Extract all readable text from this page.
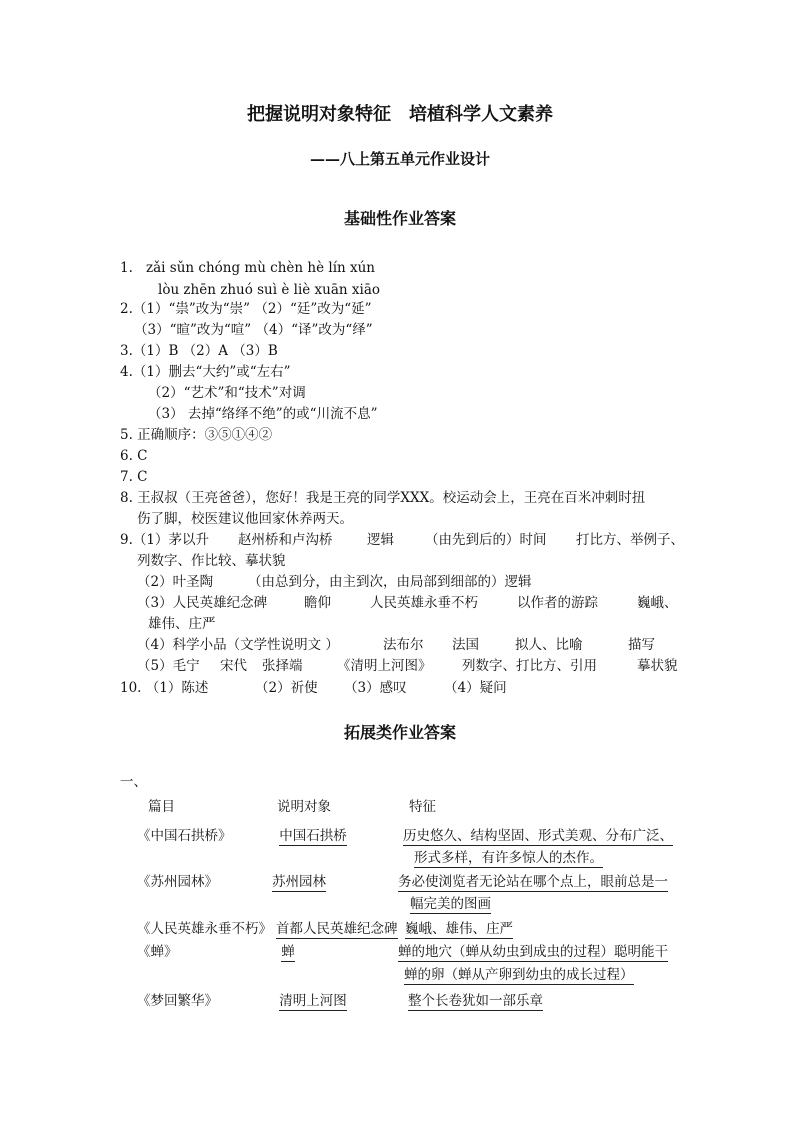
把握说明对象特征　培植科学人文素养
——八上第五单元作业设计
基础性作业答案
1. zǎi sǔn chóng mù chèn hè lín xún
lòu zhēn zhuó suì è liè xuān xiāo
2.（1）“祟”改为“崇” （2）“廷”改为“延”
（3）“暄”改为“喧” （4）“译”改为“绎”
3.（1）B （2）A （3）B
4.（1）删去“大约”或“左右”
（2）“艺术”和“技术”对调
（3） 去掉“络绎不绝”的或“川流不息”
5. 正确顺序：③⑤①④②
6. C
7. C
8. 王叔叔（王亮爸爸），您好！我是王亮的同学XXX。校运动会上，王亮在百米冲刺时扭
伤了脚，校医建议他回家休养两天。
9.（1）茅以升 赵州桥和卢沟桥	逻辑 （由先到后的）时间 打比方、举例子、
列数字、作比较、摹状貌
（2）叶圣陶	（由总到分，由主到次，由局部到细部的）逻辑
（3）人民英雄纪念碑	瞻仰	人民英雄永垂不朽	以作者的游踪	巍峨、
雄伟、庄严
（4）科学小品（文学性说明文 ）	法布尔 法国	拟人、比喻	描写
（5）毛宁 宋代 张择端	《清明上河图》 列数字、打比方、引用	摹状貌
10. （1）陈述	（2）祈使 （3）感叹	（4）疑问
拓展类作业答案
一、
篇目	说明对象	特征
《中国石拱桥》	中国石拱桥	历史悠久、结构坚固、形式美观、分布广泛、
形式多样，有许多惊人的杰作。
《苏州园林》	苏州园林	务必使浏览者无论站在哪个点上，眼前总是一
幅完美的图画
《人民英雄永垂不朽》 首都人民英雄纪念碑 巍峨、雄伟、庄严
《蝉》	蝉	蝉的地穴（蝉从幼虫到成虫的过程）聪明能干
蝉的卵（蝉从产卵到幼虫的成长过程）
《梦回繁华》	清明上河图	整个长卷犹如一部乐章
